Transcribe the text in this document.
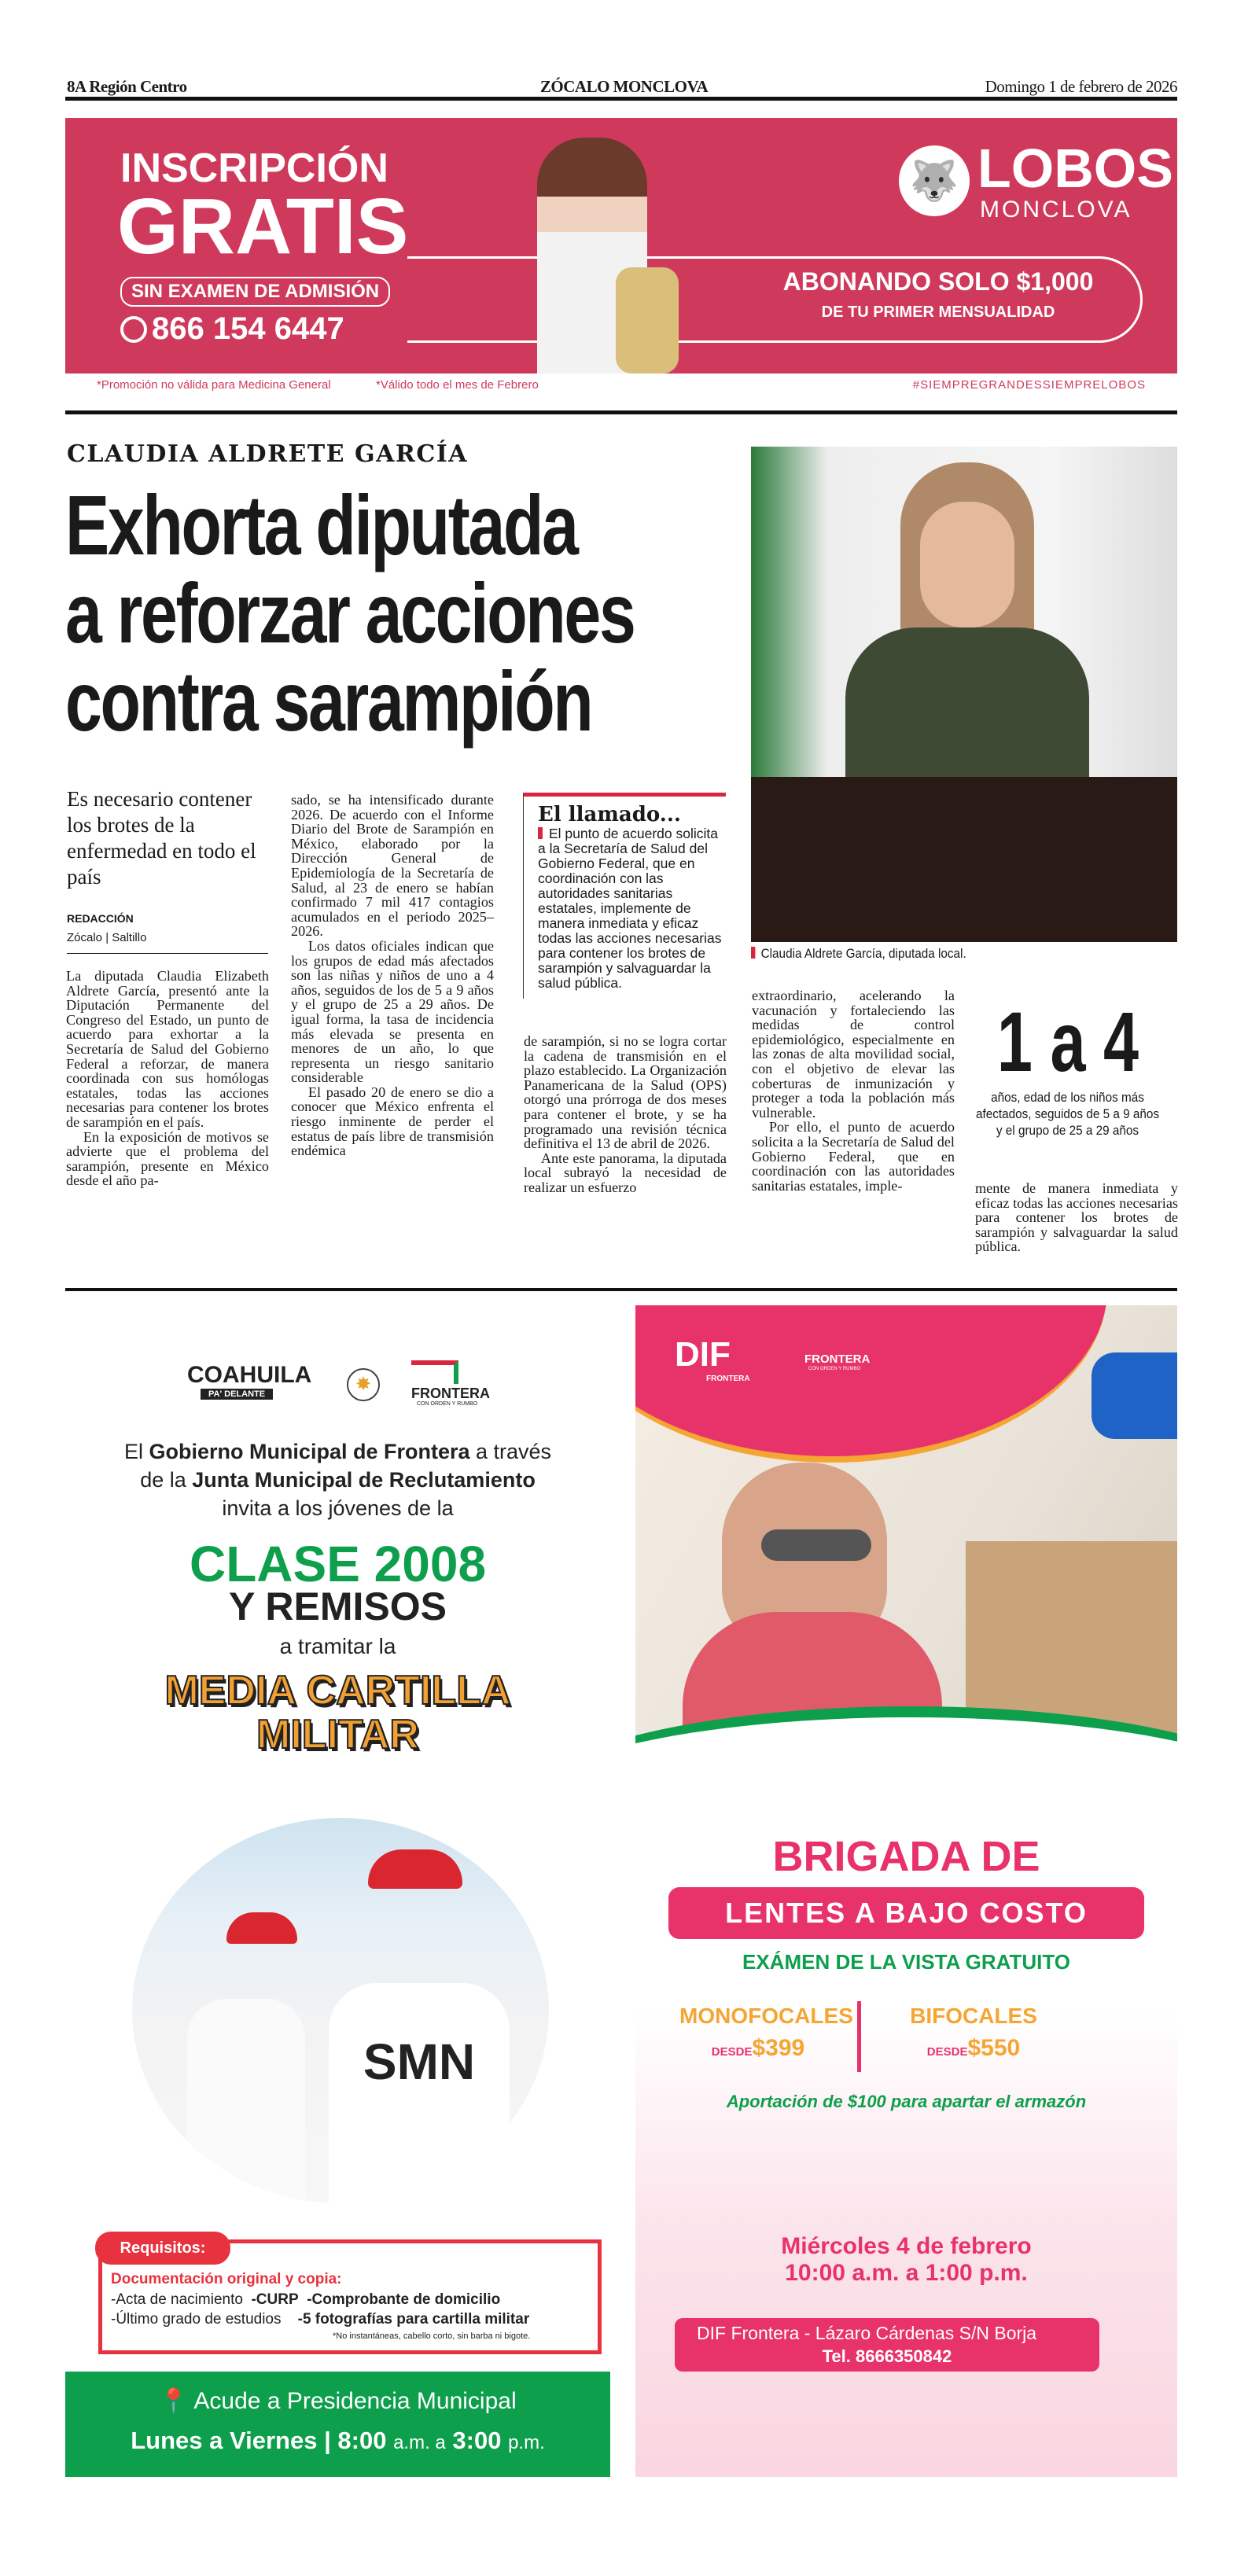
8A Región Centro	ZÓCALO MONCLOVA	Domingo 1 de febrero de 2026
INSCRIPCIÓN
GRATIS
SIN EXAMEN DE ADMISIÓN
866 154 6447
🐺 LOBOS
MONCLOVA
ABONANDO SOLO $1,000
DE TU PRIMER MENSUALIDAD
*Promoción no válida para Medicina General	*Válido todo el mes de Febrero	#SIEMPREGRANDESSIEMPRELOBOS
CLAUDIA ALDRETE GARCÍA
Exhorta diputada
a reforzar acciones
contra sarampión
Es necesario contener los brotes de la enfermedad en todo el país
REDACCIÓN
Zócalo | Saltillo

La diputada Claudia Elizabeth Aldrete García, presentó ante la Diputación Permanente del Congreso del Estado, un punto de acuerdo para exhortar a la Secretaría de Salud del Gobierno Federal a reforzar, de manera coordinada con sus homólogas estatales, todas las acciones necesarias para contener los brotes de sarampión en el país.

En la exposición de motivos se advierte que el problema del sarampión, presente en México desde el año pa-

sado, se ha intensificado durante 2026. De acuerdo con el Informe Diario del Brote de Sarampión en México, elaborado por la Dirección General de Epidemiología de la Secretaría de Salud, al 23 de enero se habían confirmado 7 mil 417 contagios acumulados en el periodo 2025–2026.

Los datos oficiales indican que los grupos de edad más afectados son las niñas y niños de uno a 4 años, seguidos de los de 5 a 9 años y el grupo de 25 a 29 años. De igual forma, la tasa de incidencia más elevada se presenta en menores de un año, lo que representa un riesgo sanitario considerable

El pasado 20 de enero se dio a conocer que México enfrenta el riesgo inminente de perder el estatus de país libre de transmisión endémica

El llamado...

El punto de acuerdo solicita a la Secretaría de Salud del Gobierno Federal, que en coordinación con las autoridades sanitarias estatales, implemente de manera inmediata y eficaz todas las acciones necesarias para contener los brotes de sarampión y salvaguardar la salud pública.

de sarampión, si no se logra cortar la cadena de transmisión en el plazo establecido. La Organización Panamericana de la Salud (OPS) otorgó una prórroga de dos meses para contener el brote, y se ha programado una revisión técnica definitiva el 13 de abril de 2026.

Ante este panorama, la diputada local subrayó la necesidad de realizar un esfuerzo

Claudia Aldrete García, diputada local.

extraordinario, acelerando la vacunación y fortaleciendo las medidas de control epidemiológico, especialmente en las zonas de alta movilidad social, con el objetivo de elevar las coberturas de inmunización y proteger a toda la población más vulnerable.

Por ello, el punto de acuerdo solicita a la Secretaría de Salud del Gobierno Federal, que en coordinación con las autoridades sanitarias estatales, imple-

1 a 4
años, edad de los niños más afectados, seguidos de 5 a 9 años y el grupo de 25 a 29 años

mente de manera inmediata y eficaz todas las acciones necesarias para contener los brotes de sarampión y salvaguardar la salud pública.

COAHUILA
PA' DELANTE	✸	FRONTERA
CON ORDEN Y RUMBO
El Gobierno Municipal de Frontera a través
de la Junta Municipal de Reclutamiento
invita a los jóvenes de la
CLASE 2008
Y REMISOS
a tramitar la
MEDIA CARTILLA
MILITAR
SMN
Requisitos:
Documentación original y copia:
-Acta de nacimiento -CURP -Comprobante de domicilio
-Último grado de estudios -5 fotografías para cartilla militar
*No instantáneas, cabello corto, sin barba ni bigote.
📍 Acude a Presidencia Municipal
Lunes a Viernes | 8:00 a.m. a 3:00 p.m.
DIF
FRONTERA
FRONTERA
CON ORDEN Y RUMBO
BRIGADA DE
LENTES A BAJO COSTO
EXÁMEN DE LA VISTA GRATUITO
MONOFOCALES
DESDE$399
BIFOCALES
DESDE$550
Aportación de $100 para apartar el armazón
Miércoles 4 de febrero
10:00 a.m. a 1:00 p.m.
DIF Frontera - Lázaro Cárdenas S/N Borja
Tel. 8666350842
